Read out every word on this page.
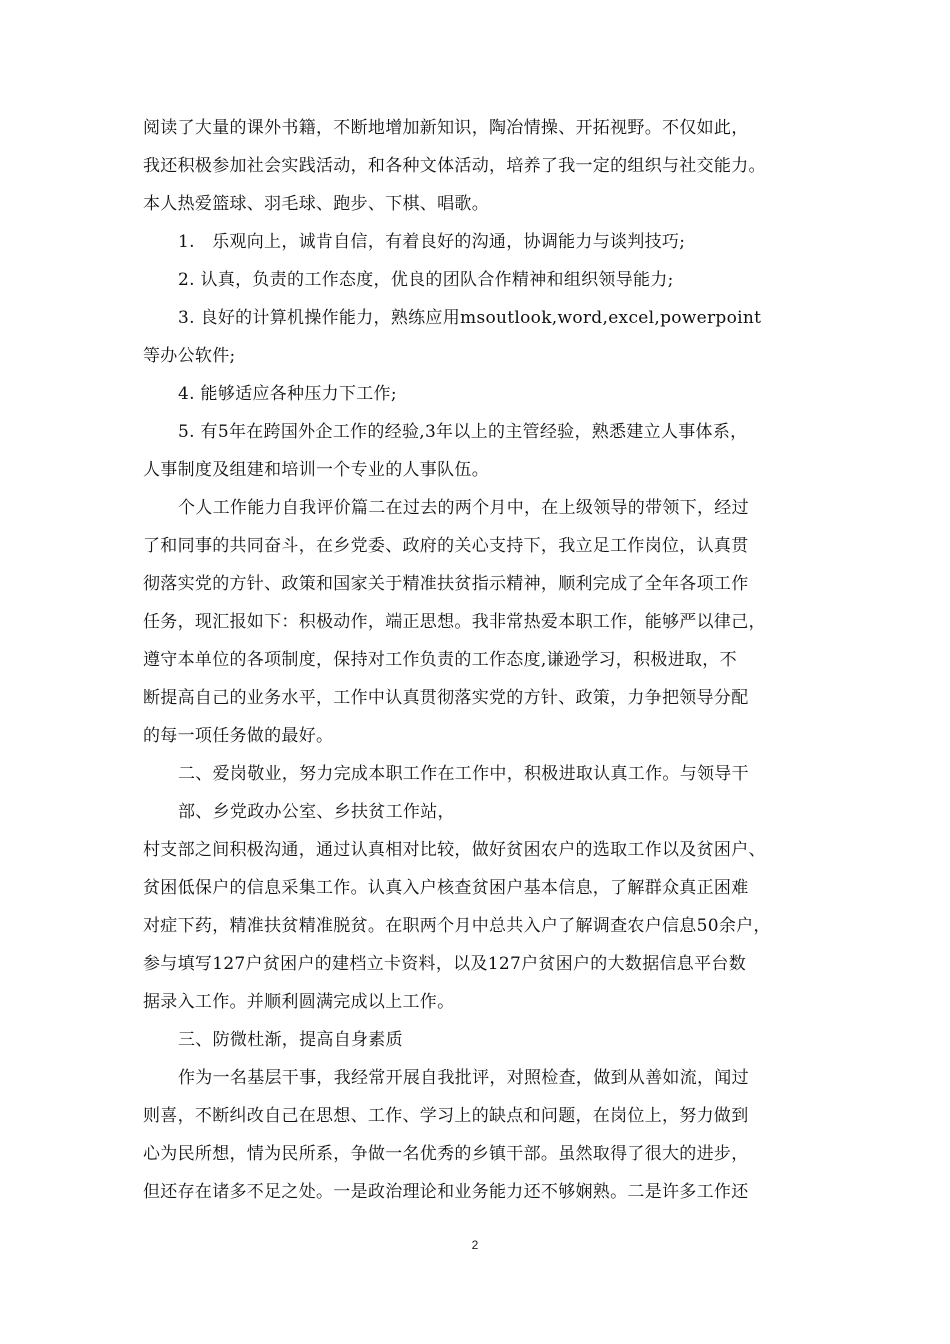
阅读了大量的课外书籍，不断地增加新知识，陶冶情操、开拓视野。不仅如此，
我还积极参加社会实践活动，和各种文体活动，培养了我一定的组织与社交能力。
本人热爱篮球、羽毛球、跑步、下棋、唱歌。
1.　乐观向上，诚肯自信，有着良好的沟通，协调能力与谈判技巧;
2. 认真，负责的工作态度，优良的团队合作精神和组织领导能力;
3. 良好的计算机操作能力，熟练应用msoutlook,word,excel,powerpoint
等办公软件;
4. 能够适应各种压力下工作;
5. 有5年在跨国外企工作的经验,3年以上的主管经验，熟悉建立人事体系，
人事制度及组建和培训一个专业的人事队伍。
个人工作能力自我评价篇二在过去的两个月中，在上级领导的带领下，经过
了和同事的共同奋斗，在乡党委、政府的关心支持下，我立足工作岗位，认真贯
彻落实党的方针、政策和国家关于精准扶贫指示精神，顺利完成了全年各项工作
任务，现汇报如下：积极动作，端正思想。我非常热爱本职工作，能够严以律己，
遵守本单位的各项制度，保持对工作负责的工作态度,谦逊学习，积极进取，不
断提高自己的业务水平，工作中认真贯彻落实党的方针、政策，力争把领导分配
的每一项任务做的最好。
二、爱岗敬业，努力完成本职工作在工作中，积极进取认真工作。与领导干
部、乡党政办公室、乡扶贫工作站，
村支部之间积极沟通，通过认真相对比较，做好贫困农户的选取工作以及贫困户、
贫困低保户的信息采集工作。认真入户核查贫困户基本信息，了解群众真正困难
对症下药，精准扶贫精准脱贫。在职两个月中总共入户了解调查农户信息50余户，
参与填写127户贫困户的建档立卡资料，以及127户贫困户的大数据信息平台数
据录入工作。并顺利圆满完成以上工作。
三、防微杜渐，提高自身素质
作为一名基层干事，我经常开展自我批评，对照检查，做到从善如流，闻过
则喜，不断纠改自己在思想、工作、学习上的缺点和问题，在岗位上，努力做到
心为民所想，情为民所系，争做一名优秀的乡镇干部。虽然取得了很大的进步，
但还存在诸多不足之处。一是政治理论和业务能力还不够娴熟。二是许多工作还
2
